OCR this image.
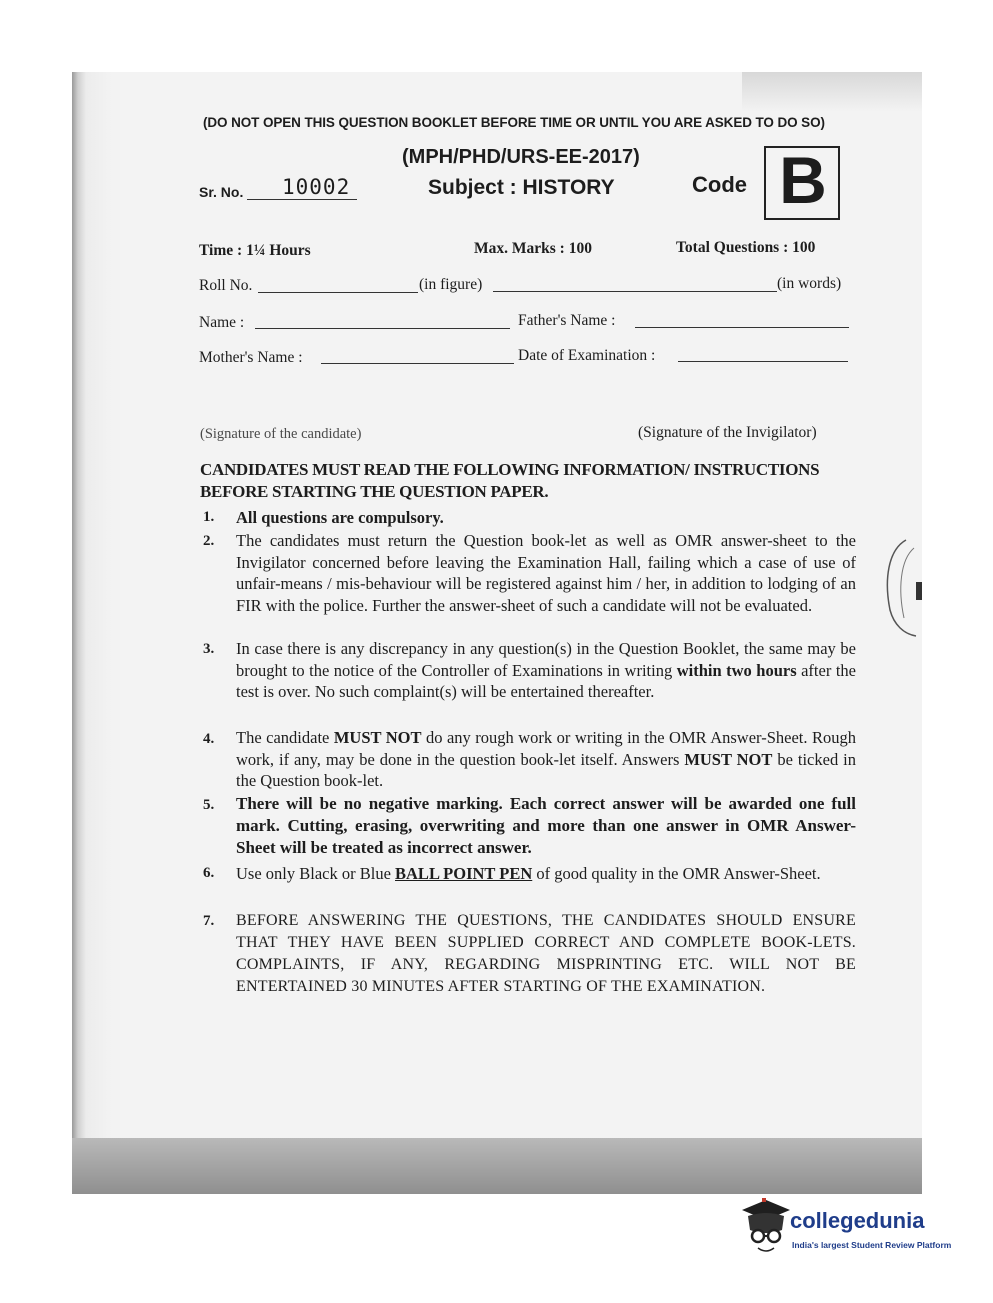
(DO NOT OPEN THIS QUESTION BOOKLET BEFORE TIME OR UNTIL YOU ARE ASKED TO DO SO)
(MPH/PHD/URS-EE-2017)
Sr. No. 10002	Subject : HISTORY	Code B
Time : 1¼ Hours	Max. Marks : 100	Total Questions : 100
Roll No.	(in figure)	(in words)
Name :	Father's Name :
Mother's Name :	Date of Examination :
(Signature of the candidate)	(Signature of the Invigilator)
CANDIDATES MUST READ THE FOLLOWING INFORMATION/ INSTRUCTIONS
BEFORE STARTING THE QUESTION PAPER.
1. All questions are compulsory.
2. The candidates must return the Question book-let as well as OMR answer-sheet to the Invigilator concerned before leaving the Examination Hall, failing which a case of use of unfair-means / mis-behaviour will be registered against him / her, in addition to lodging of an FIR with the police. Further the answer-sheet of such a candidate will not be evaluated.
3. In case there is any discrepancy in any question(s) in the Question Booklet, the same may be brought to the notice of the Controller of Examinations in writing within two hours after the test is over. No such complaint(s) will be entertained thereafter.
4. The candidate MUST NOT do any rough work or writing in the OMR Answer-Sheet. Rough work, if any, may be done in the question book-let itself. Answers MUST NOT be ticked in the Question book-let.
5. There will be no negative marking. Each correct answer will be awarded one full mark. Cutting, erasing, overwriting and more than one answer in OMR Answer-Sheet will be treated as incorrect answer.
6. Use only Black or Blue BALL POINT PEN of good quality in the OMR Answer-Sheet.
7. BEFORE ANSWERING THE QUESTIONS, THE CANDIDATES SHOULD ENSURE THAT THEY HAVE BEEN SUPPLIED CORRECT AND COMPLETE BOOK-LETS. COMPLAINTS, IF ANY, REGARDING MISPRINTING ETC. WILL NOT BE ENTERTAINED 30 MINUTES AFTER STARTING OF THE EXAMINATION.
collegedunia
India's largest Student Review Platform
